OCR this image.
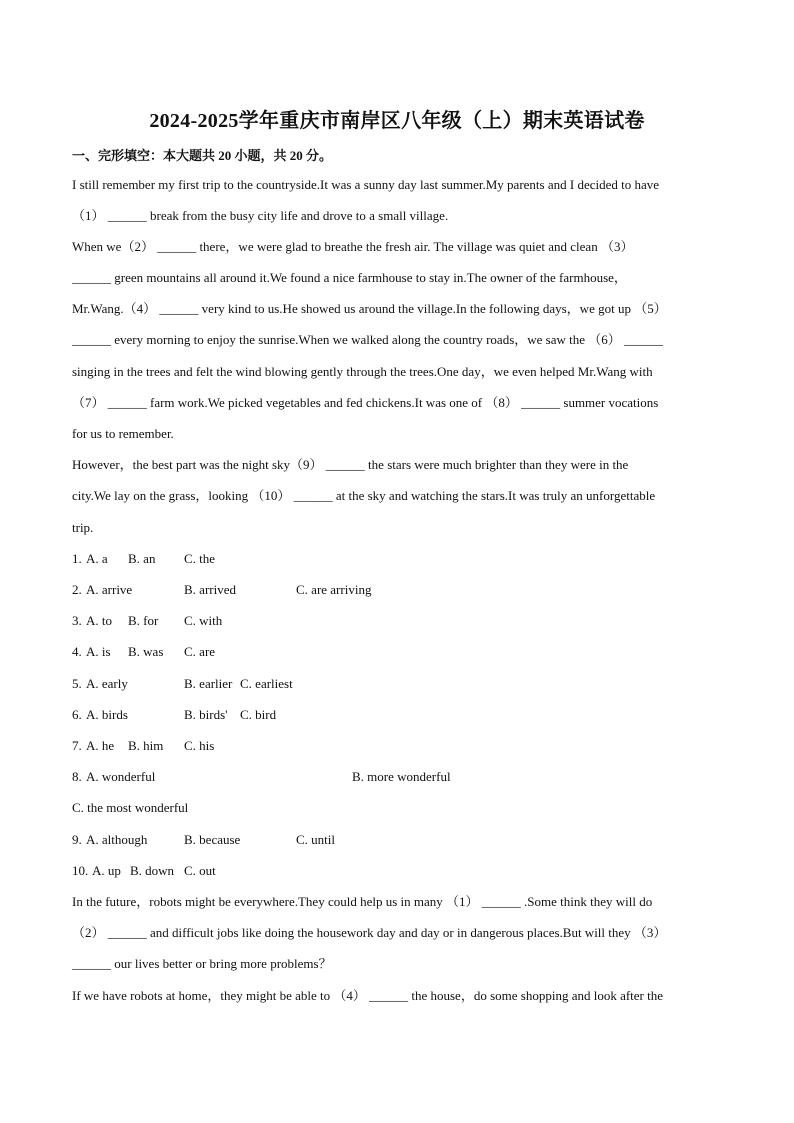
2024-2025学年重庆市南岸区八年级（上）期末英语试卷
一、完形填空：本大题共 20 小题，共 20 分。
I still remember my first trip to the countryside.It was a sunny day last summer.My parents and I decided to have
（1） ______ break from the busy city life and drove to a small village.
When we（2） ______ there，we were glad to breathe the fresh air. The village was quiet and clean （3）
______ green mountains all around it.We found a nice farmhouse to stay in.The owner of the farmhouse，
Mr.Wang.（4） ______ very kind to us.He showed us around the village.In the following days，we got up （5）
______ every morning to enjoy the sunrise.When we walked along the country roads，we saw the （6） ______
singing in the trees and felt the wind blowing gently through the trees.One day，we even helped Mr.Wang with
（7） ______ farm work.We picked vegetables and fed chickens.It was one of （8） ______ summer vocations
for us to remember.
However，the best part was the night sky（9） ______ the stars were much brighter than they were in the
city.We lay on the grass，looking （10） ______ at the sky and watching the stars.It was truly an unforgettable
trip.
1. A. a B. an C. the
2. A. arrive	B. arrived	C. are arriving
3. A. to B. for C. with
4. A. is B. was C. are
5. A. early	B. earlier C. earliest
6. A. birds	B. birds' C. bird
7. A. he B. him C. his
8. A. wonderful	B. more wonderful
C. the most wonderful
9. A. although	B. because	C. until
10. A. up B. down C. out
In the future，robots might be everywhere.They could help us in many （1） ______ .Some think they will do
（2） ______ and difficult jobs like doing the housework day and day or in dangerous places.But will they （3）
______ our lives better or bring more problems？
If we have robots at home，they might be able to （4） ______ the house，do some shopping and look after the
